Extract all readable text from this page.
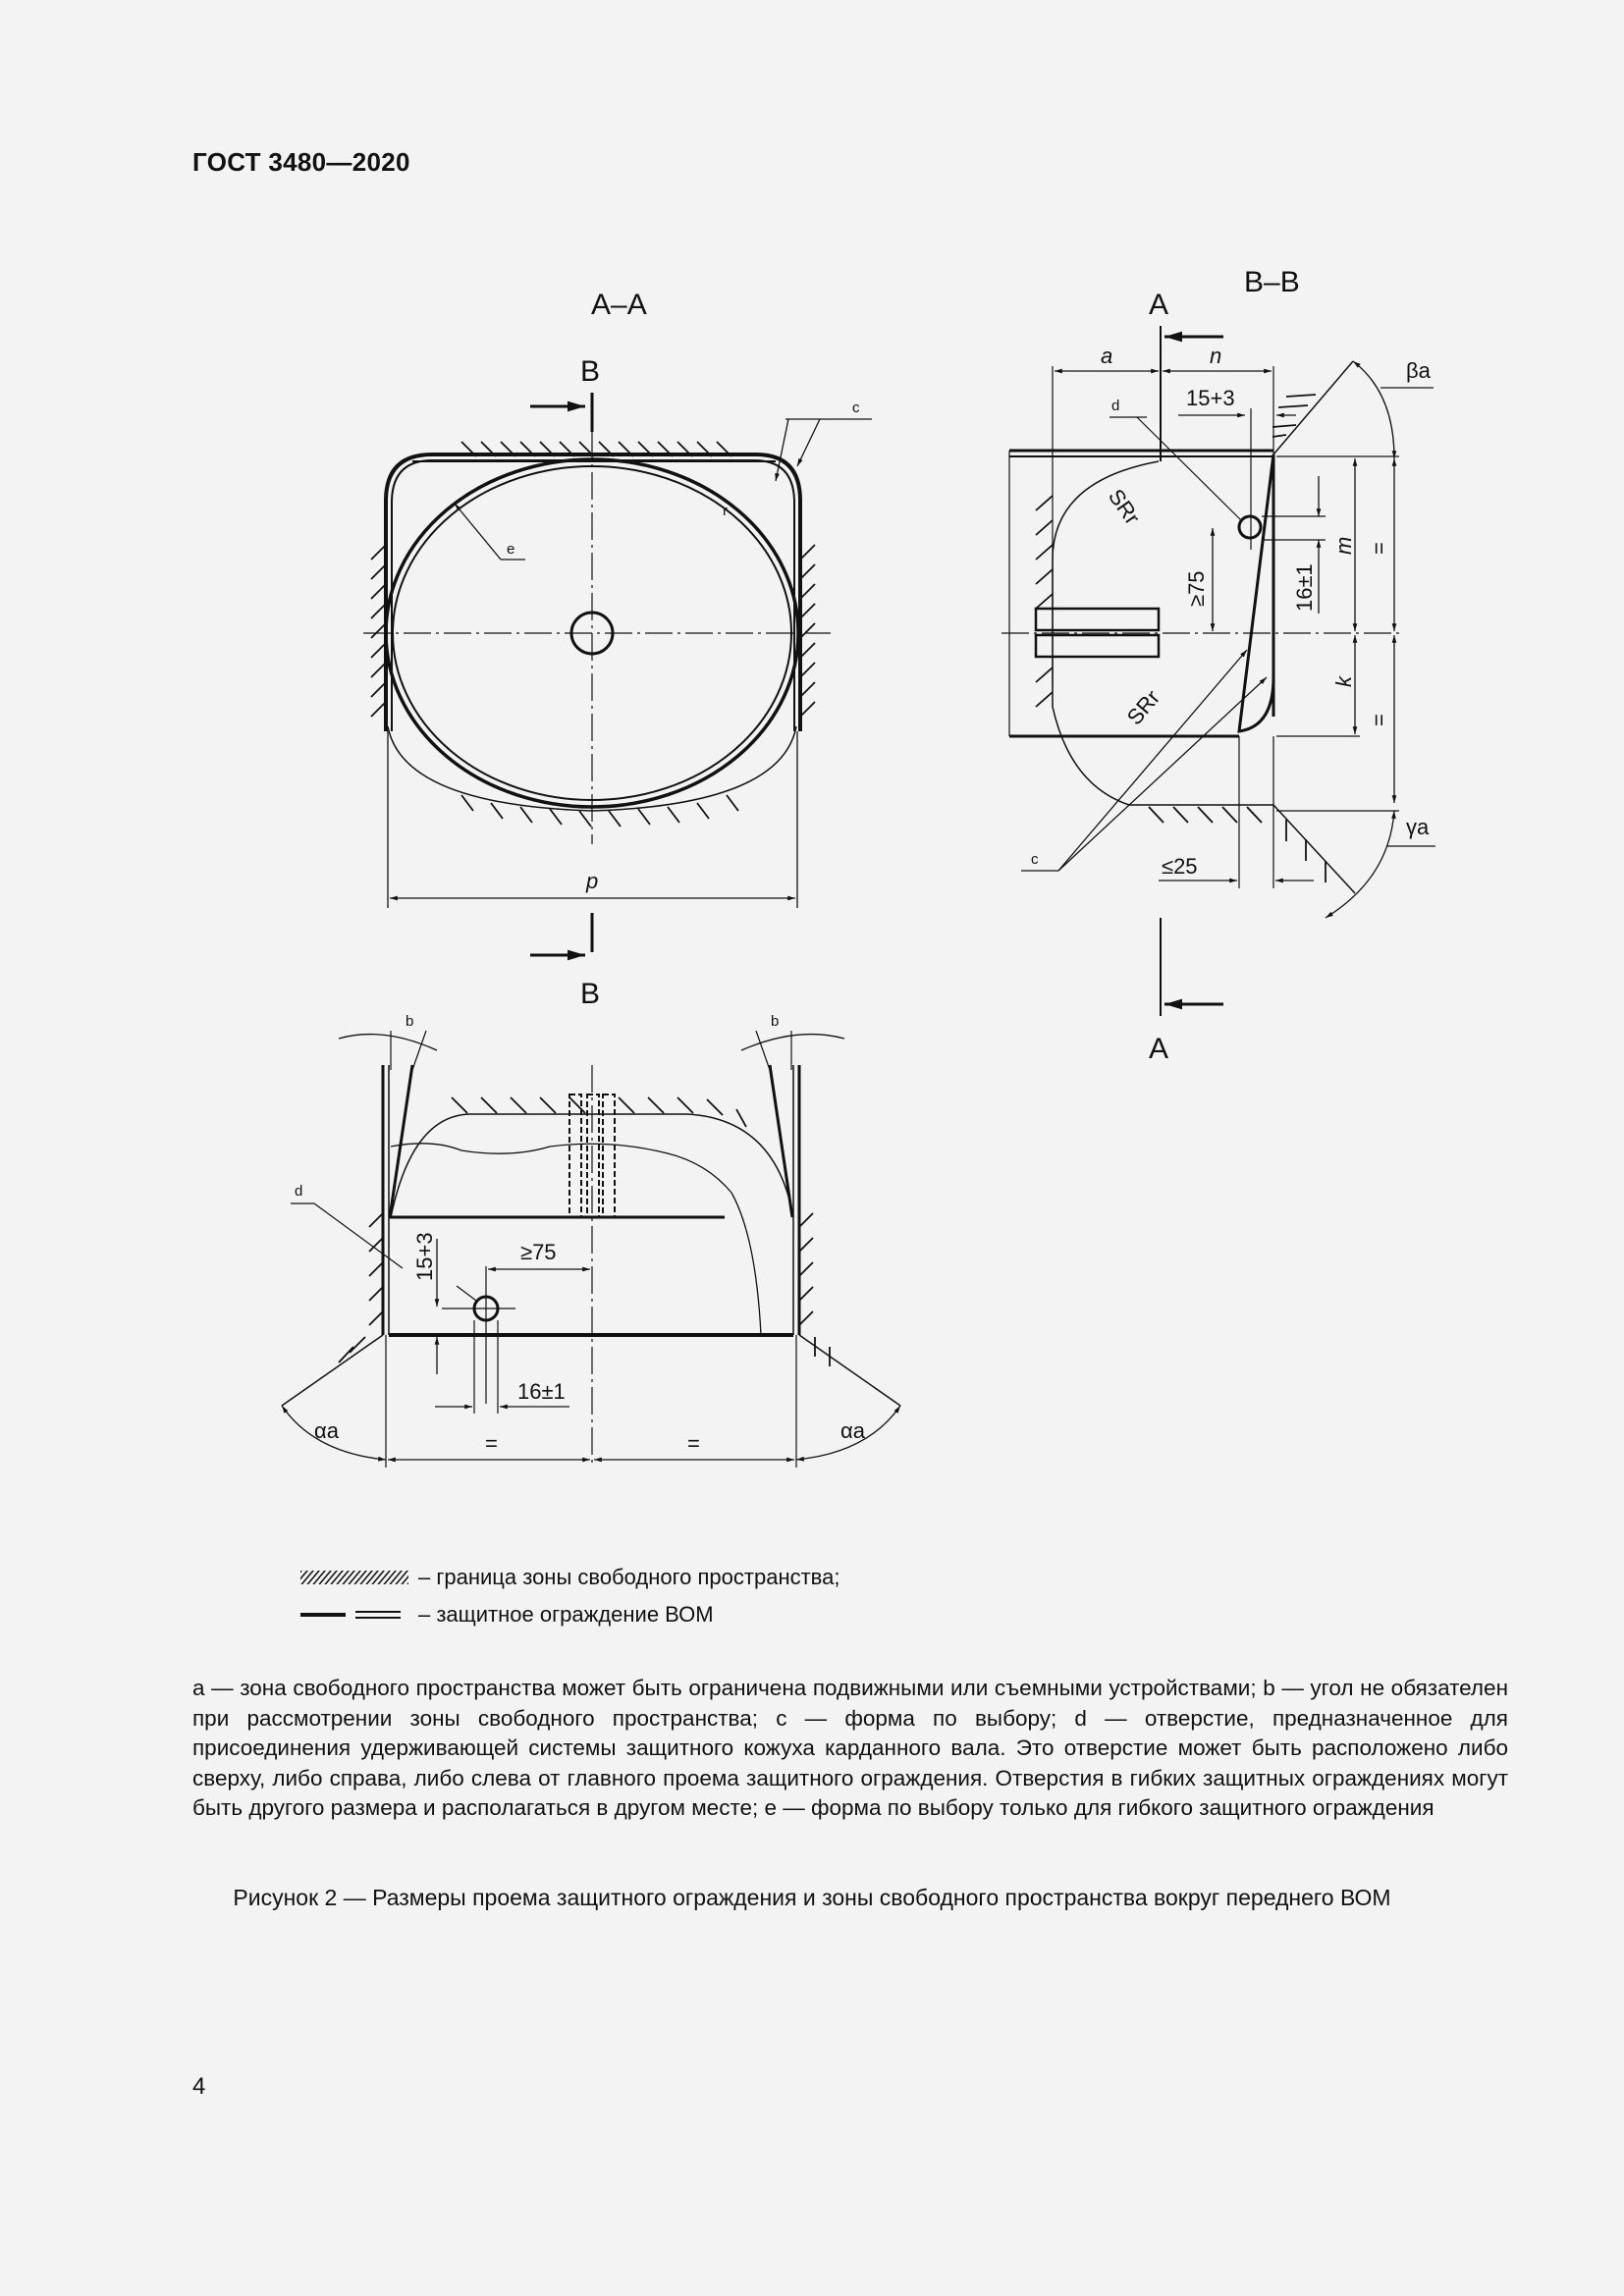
ГОСТ 3480—2020
А–А
В
p
e
c
r
В
В–В
А
a	n
15+3
βa
d
≥75	16±1
m
k
=
=
γa
SRr
SRr
c	≤25
А
b	b
d
15+3	≥75
16±1
αa	αa
=	=
– граница зоны свободного пространства;
– защитное ограждение ВОМ
a — зона свободного пространства может быть ограничена подвижными или съемными устройствами; b — угол не обязателен при рассмотрении зоны свободного пространства; c — форма по выбору; d — отверстие, предназначенное для присоединения удерживающей системы защитного кожуха карданного вала. Это отверстие может быть расположено либо сверху, либо справа, либо слева от главного проема защитного ограждения. Отверстия в гибких защитных ограждениях могут быть другого размера и располагаться в другом месте; e — форма по выбору только для гибкого защитного ограждения
Рисунок 2 — Размеры проема защитного ограждения и зоны свободного пространства вокруг переднего ВОМ
4
